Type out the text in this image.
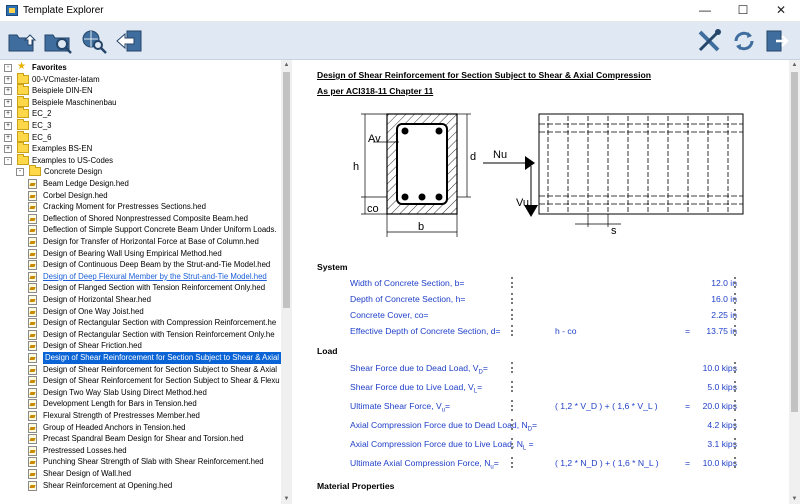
Template Explorer	—	☐	✕
- ★ Favorites
+	00-VCmaster-latam
+	Beispiele DIN-EN
+	Beispiele Maschinenbau
+	EC_2
+	EC_3
+	EC_6
+	Examples BS-EN
-	Examples to US-Codes
-	Concrete Design
Beam Ledge Design.hed
Corbel Design.hed
Cracking Moment for Prestresses Sections.hed
Deflection of Shored Nonprestressed Composite Beam.hed
Deflection of Simple Support Concrete Beam Under Uniform Loads.
Design for Transfer of Horizontal Force at Base of Column.hed
Design of Bearing Wall Using Empirical Method.hed
Design of Continuous Deep Beam by the Strut-and-Tie Model.hed
Design of Deep Flexural Member by the Strut-and-Tie Model.hed
Design of Flanged Section with Tension Reinforcement Only.hed
Design of Horizontal Shear.hed
Design of One Way Joist.hed
Design of Rectangular Section with Compression Reinforcement.he
Design of Rectangular Section with Tension Reinforcement Only.he
Design of Shear Friction.hed
Design of Shear Reinforcement for Section Subject to Shear & Axial
Design of Shear Reinforcement for Section Subject to Shear & Axial
Design of Shear Reinforcement for Section Subject to Shear & Flexu
Design Two Way Slab Using Direct Method.hed
Development Length for Bars in Tension.hed
Flexural Strength of Prestresses Member.hed
Group of Headed Anchors in Tension.hed
Precast Spandral Beam Design for Shear and Torsion.hed
Prestressed Losses.hed
Punching Shear Strength of Slab with Shear Reinforcement.hed
Shear Design of Wall.hed
Shear Reinforcement at Opening.hed
▲
▼
Design of Shear Reinforcement for Section Subject to Shear & Axial Compression
As per ACI318-11 Chapter 11
Av
h
d
co
b
Nu
Vu
s
System
Width of Concrete Section, b=	12.0 in
Depth of Concrete Section, h=	16.0 in
Concrete Cover, co=	2.25 in
Effective Depth of Concrete Section, d=	h - co	= 13.75 in
Load
Shear Force due to Dead Load, $V_D=$	10.0 kips
Shear Force due to Live Load, $V_L=$	5.0 kips
Ultimate Shear Force, $V_u=$	( 1,2 * V_D ) + ( 1,6 * V_L )	= 20.0 kips
Axial Compression Force due to Dead Load, $N_D=$	4.2 kips
Axial Compression Force due to Live Load, $N_L$ =	3.1 kips
Ultimate Axial Compression Force, $N_u=$	( 1,2 * N_D ) + ( 1,6 * N_L )	= 10.0 kips
Material Properties
▲
▼
